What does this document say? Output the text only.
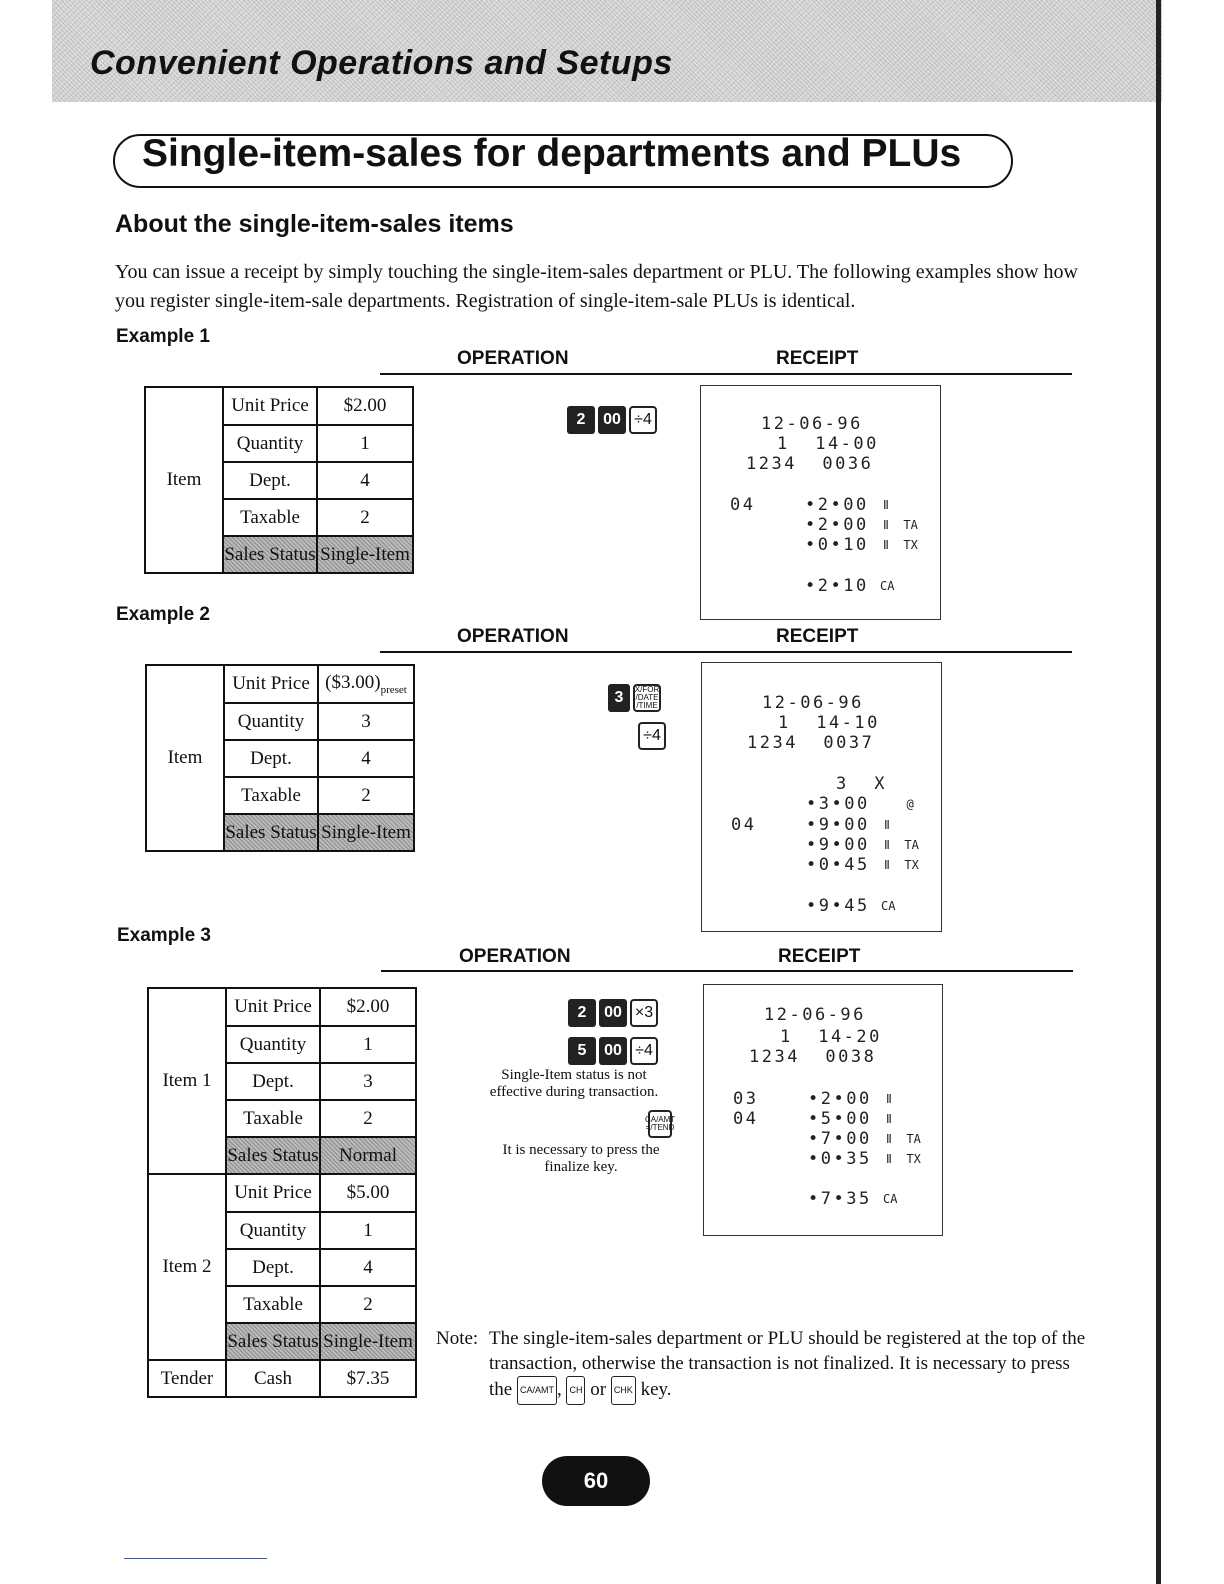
Convenient Operations and Setups
Single-item-sales for departments and PLUs
About the single-item-sales items
You can issue a receipt by simply touching the single-item-sales department or PLU. The following examples show how you register single-item-sale departments. Registration of single-item-sale PLUs is identical.
Example 1
OPERATION	RECEIPT
Item	Unit Price	$2.00
	Quantity	1
	Dept.	4
	Taxable	2
	Sales Status	Single-Item
2	00 ÷4	12-06-96
1  14-00
1234  0036
04	•2•00 Ⅱ
•2•00 Ⅱ  TA
•0•10 Ⅱ  TX
•2•10 CA
Example 2
OPERATION	RECEIPT
Item	Unit Price	$(\$3.00)_{preset}$
	Quantity	3
	Dept.	4
	Taxable	2
	Sales Status	Single-Item
3	X/FOR /DATE /TIME
÷4
12-06-96
1  14-10
1234  0037
3  X
•3•00 @
04	•9•00 Ⅱ
•9•00 Ⅱ  TA
•0•45 Ⅱ  TX
•9•45 CA
Example 3
OPERATION	RECEIPT
Item 1	Unit Price	$2.00
	Quantity	1
	Dept.	3
	Taxable	2
	Sales Status	Normal
Item 2	Unit Price	$5.00
	Quantity	1
	Dept.	4
	Taxable	2
	Sales Status	Single-Item
Tender	Cash	$7.35
2	00 ×3
5	00 ÷4
Single-Item status is not effective during transaction.
CA/AMT =/TEND
It is necessary to press the finalize key.
12-06-96
1  14-20
1234  0038
03	•2•00 Ⅱ
04	•5•00 Ⅱ
•7•00 Ⅱ  TA
•0•35 Ⅱ  TX
•7•35 CA
Note: The single-item-sales department or PLU should be registered at the top of the transaction, otherwise the transaction is not finalized. It is necessary to press the CA/AMT , CH or CHK key.
60
